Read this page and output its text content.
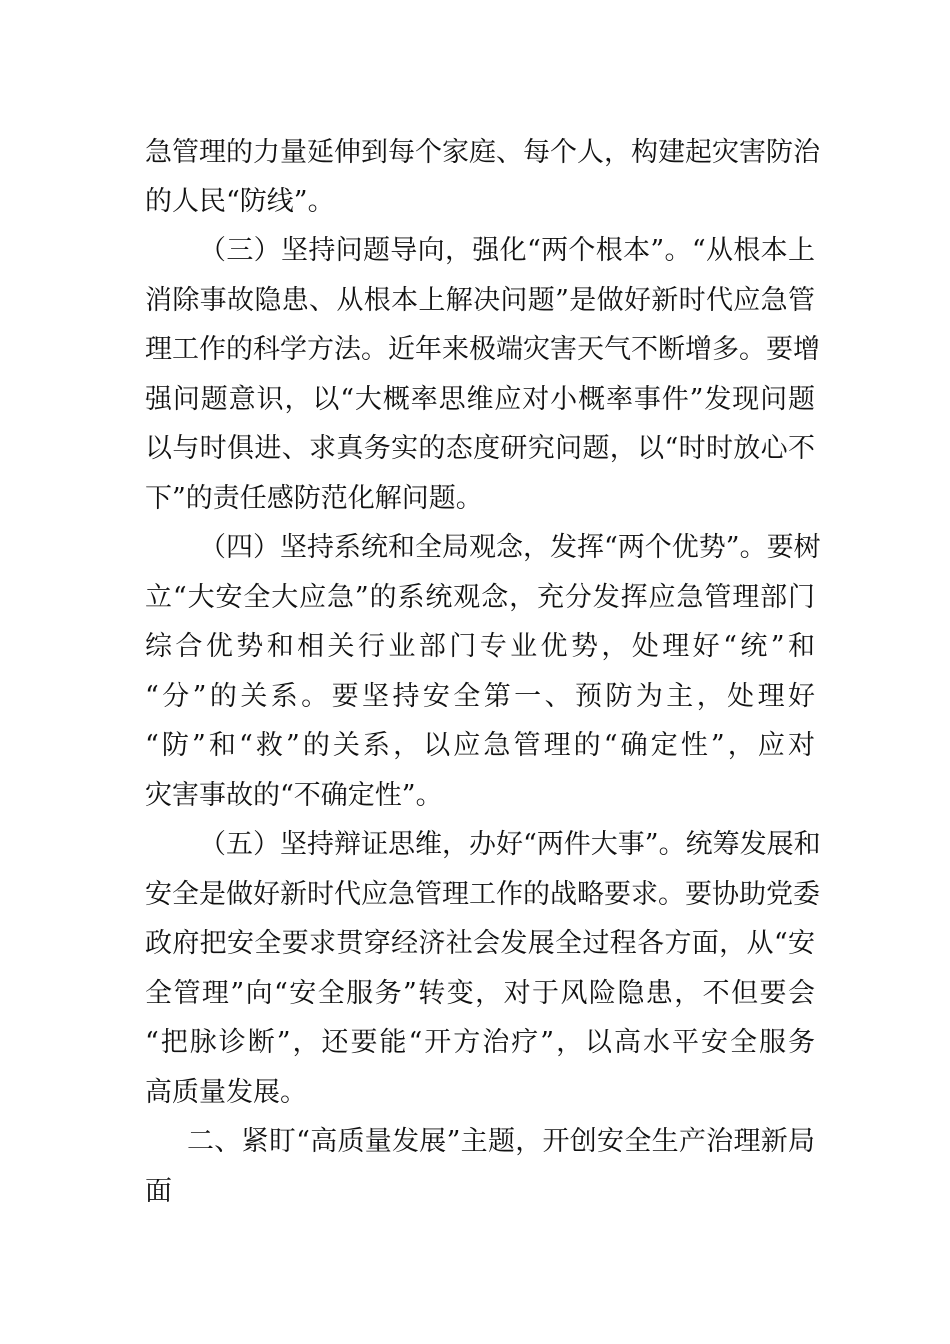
急管理的力量延伸到每个家庭、每个人，构建起灾害防治
的人民“防线”。
（三）坚持问题导向，强化“两个根本”。“从根本上
消除事故隐患、从根本上解决问题”是做好新时代应急管
理工作的科学方法。近年来极端灾害天气不断增多。要增
强问题意识，以“大概率思维应对小概率事件”发现问题
以与时俱进、求真务实的态度研究问题，以“时时放心不
下”的责任感防范化解问题。
（四）坚持系统和全局观念，发挥“两个优势”。要树
立“大安全大应急”的系统观念，充分发挥应急管理部门
综合优势和相关行业部门专业优势，处理好“统”和
“分”的关系。要坚持安全第一、预防为主，处理好
“防”和“救”的关系，以应急管理的“确定性”，应对
灾害事故的“不确定性”。
（五）坚持辩证思维，办好“两件大事”。统筹发展和
安全是做好新时代应急管理工作的战略要求。要协助党委
政府把安全要求贯穿经济社会发展全过程各方面，从“安
全管理”向“安全服务”转变，对于风险隐患，不但要会
“把脉诊断”，还要能“开方治疗”，以高水平安全服务
高质量发展。
二、紧盯“高质量发展”主题，开创安全生产治理新局
面
